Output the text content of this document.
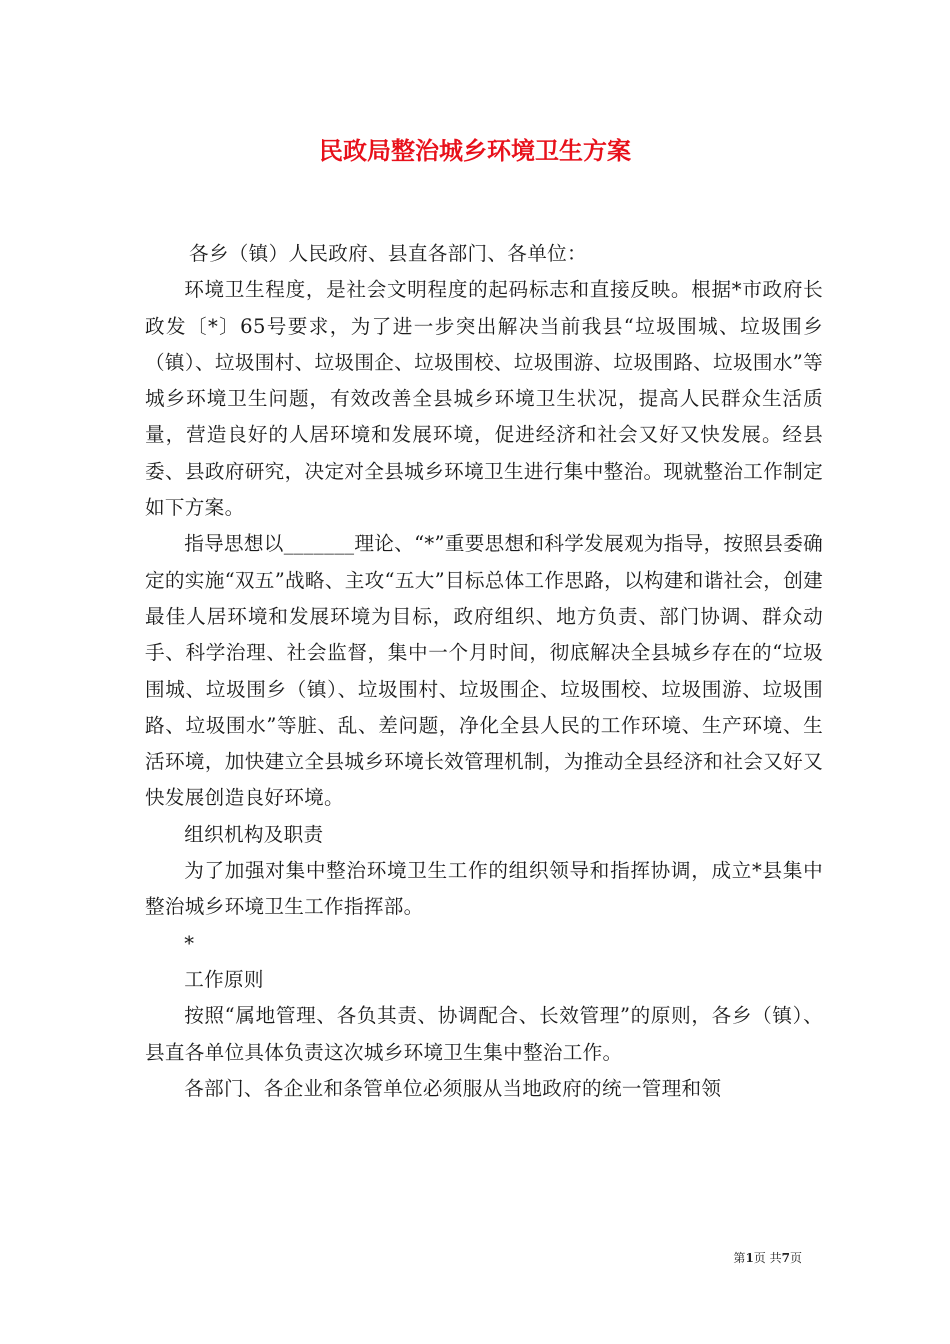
民政局整治城乡环境卫生方案

各乡（镇）人民政府、县直各部门、各单位：

环境卫生程度，是社会文明程度的起码标志和直接反映。根据*市政府长政发〔*〕65号要求，为了进一步突出解决当前我县“垃圾围城、垃圾围乡（镇）、垃圾围村、垃圾围企、垃圾围校、垃圾围游、垃圾围路、垃圾围水”等城乡环境卫生问题，有效改善全县城乡环境卫生状况，提高人民群众生活质量，营造良好的人居环境和发展环境，促进经济和社会又好又快发展。经县委、县政府研究，决定对全县城乡环境卫生进行集中整治。现就整治工作制定如下方案。

指导思想以_______理论、“*”重要思想和科学发展观为指导，按照县委确定的实施“双五”战略、主攻“五大”目标总体工作思路，以构建和谐社会，创建最佳人居环境和发展环境为目标，政府组织、地方负责、部门协调、群众动手、科学治理、社会监督，集中一个月时间，彻底解决全县城乡存在的“垃圾围城、垃圾围乡（镇）、垃圾围村、垃圾围企、垃圾围校、垃圾围游、垃圾围路、垃圾围水”等脏、乱、差问题，净化全县人民的工作环境、生产环境、生活环境，加快建立全县城乡环境长效管理机制，为推动全县经济和社会又好又快发展创造良好环境。

组织机构及职责

为了加强对集中整治环境卫生工作的组织领导和指挥协调，成立*县集中整治城乡环境卫生工作指挥部。

*

工作原则

按照“属地管理、各负其责、协调配合、长效管理”的原则，各乡（镇）、县直各单位具体负责这次城乡环境卫生集中整治工作。

各部门、各企业和条管单位必须服从当地政府的统一管理和领

第1页 共7页
